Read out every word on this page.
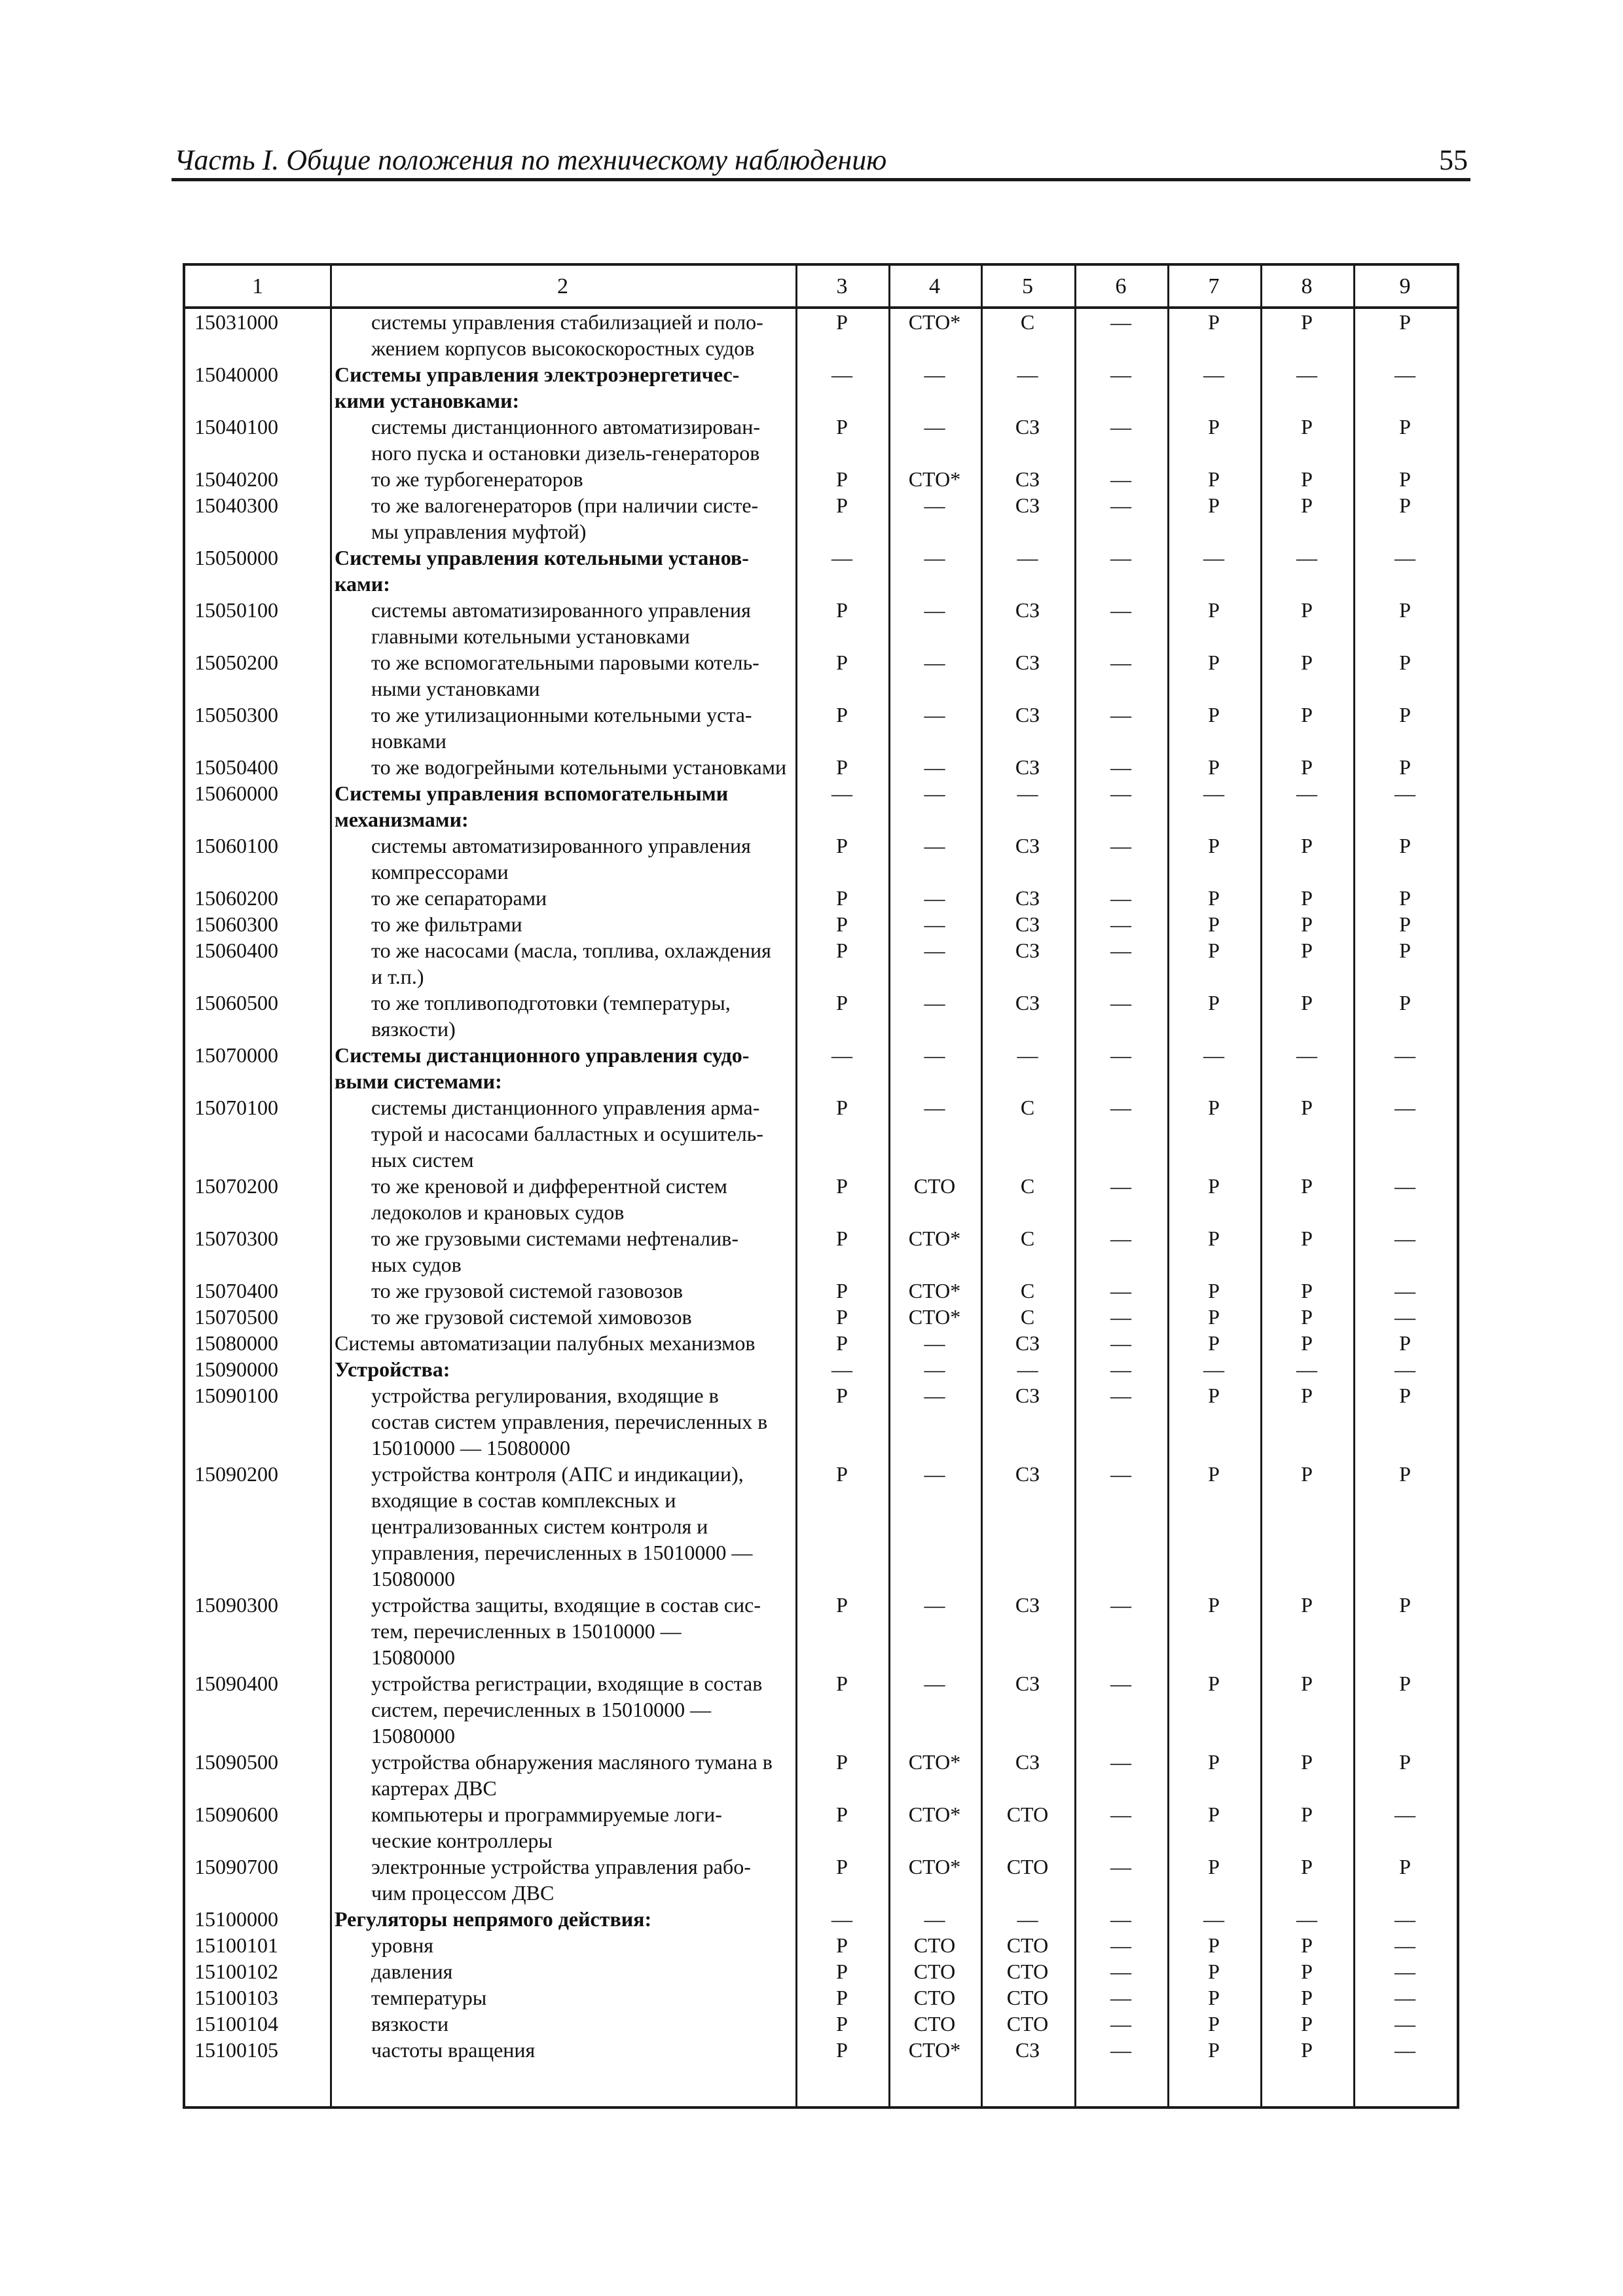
Часть I. Общие положения по техническому наблюдению	55
15031000	системы управления стабилизацией и поло-
жением корпусов высокоскоростных судов
Р	СТО*	С	—	Р	Р	Р
15040000	Системы управления электроэнергетичес-
кими установками:
—	—	—	—	—	—	—
15040100	системы дистанционного автоматизирован-
ного пуска и остановки дизель-генераторов
Р	—	СЗ	—	Р	Р	Р
15040200	то же турбогенераторов	Р	СТО*	СЗ	—	Р	Р	Р
15040300	то же валогенераторов (при наличии систе-
мы управления муфтой)
Р	—	СЗ	—	Р	Р	Р
15050000	Системы управления котельными установ-
ками:
—	—	—	—	—	—	—
15050100	системы автоматизированного управления
главными котельными установками
Р	—	СЗ	—	Р	Р	Р
15050200	то же вспомогательными паровыми котель-
ными установками
Р	—	СЗ	—	Р	Р	Р
15050300	то же утилизационными котельными уста-
новками
Р	—	СЗ	—	Р	Р	Р
15050400	то же водогрейными котельными установками	Р	—	СЗ	—	Р	Р	Р
15060000	Системы управления вспомогательными
механизмами:
—	—	—	—	—	—	—
15060100	системы автоматизированного управления
компрессорами
Р	—	СЗ	—	Р	Р	Р
15060200	то же сепараторами	Р	—	СЗ	—	Р	Р	Р
15060300	то же фильтрами	Р	—	СЗ	—	Р	Р	Р
15060400	то же насосами (масла, топлива, охлаждения
и т.п.)
Р	—	СЗ	—	Р	Р	Р
15060500	то же топливоподготовки (температуры,
вязкости)
Р	—	СЗ	—	Р	Р	Р
15070000	Системы дистанционного управления судо-
выми системами:
—	—	—	—	—	—	—
15070100	системы дистанционного управления арма-
турой и насосами балластных и осушитель-
ных систем
Р	—	С	—	Р	Р	—
15070200	то же креновой и дифферентной систем
ледоколов и крановых судов
Р	СТО	С	—	Р	Р	—
15070300	то же грузовыми системами нефтеналив-
ных судов
Р	СТО*	С	—	Р	Р	—
15070400	то же грузовой системой газовозов	Р	СТО*	С	—	Р	Р	—
15070500	то же грузовой системой химовозов	Р	СТО*	С	—	Р	Р	—
15080000	Системы автоматизации палубных механизмов	Р	—	СЗ	—	Р	Р	Р
15090000	Устройства:	—	—	—	—	—	—	—
15090100	устройства регулирования, входящие в
состав систем управления, перечисленных в
15010000 — 15080000
Р	—	СЗ	—	Р	Р	Р
15090200	устройства контроля (АПС и индикации),
входящие в состав комплексных и
централизованных систем контроля и
управления, перечисленных в 15010000 —
15080000
Р	—	СЗ	—	Р	Р	Р
15090300	устройства защиты, входящие в состав сис-
тем, перечисленных в 15010000 —
15080000
Р	—	СЗ	—	Р	Р	Р
15090400	устройства регистрации, входящие в состав
систем, перечисленных в 15010000 —
15080000
Р	—	СЗ	—	Р	Р	Р
15090500	устройства обнаружения масляного тумана в
картерах ДВС
Р	СТО*	СЗ	—	Р	Р	Р
15090600	компьютеры и программируемые логи-
ческие контроллеры
Р	СТО*	СТО	—	Р	Р	—
15090700	электронные устройства управления рабо-
чим процессом ДВС
Р	СТО*	СТО	—	Р	Р	Р
15100000	Регуляторы непрямого действия:	—	—	—	—	—	—	—
15100101	уровня	Р	СТО	СТО	—	Р	Р	—
15100102	давления	Р	СТО	СТО	—	Р	Р	—
15100103	температуры	Р	СТО	СТО	—	Р	Р	—
15100104	вязкости	Р	СТО	СТО	—	Р	Р	—
15100105	частоты вращения	Р	СТО*	СЗ	—	Р	Р	—
1	2	3	4	5	6	7	8	9
